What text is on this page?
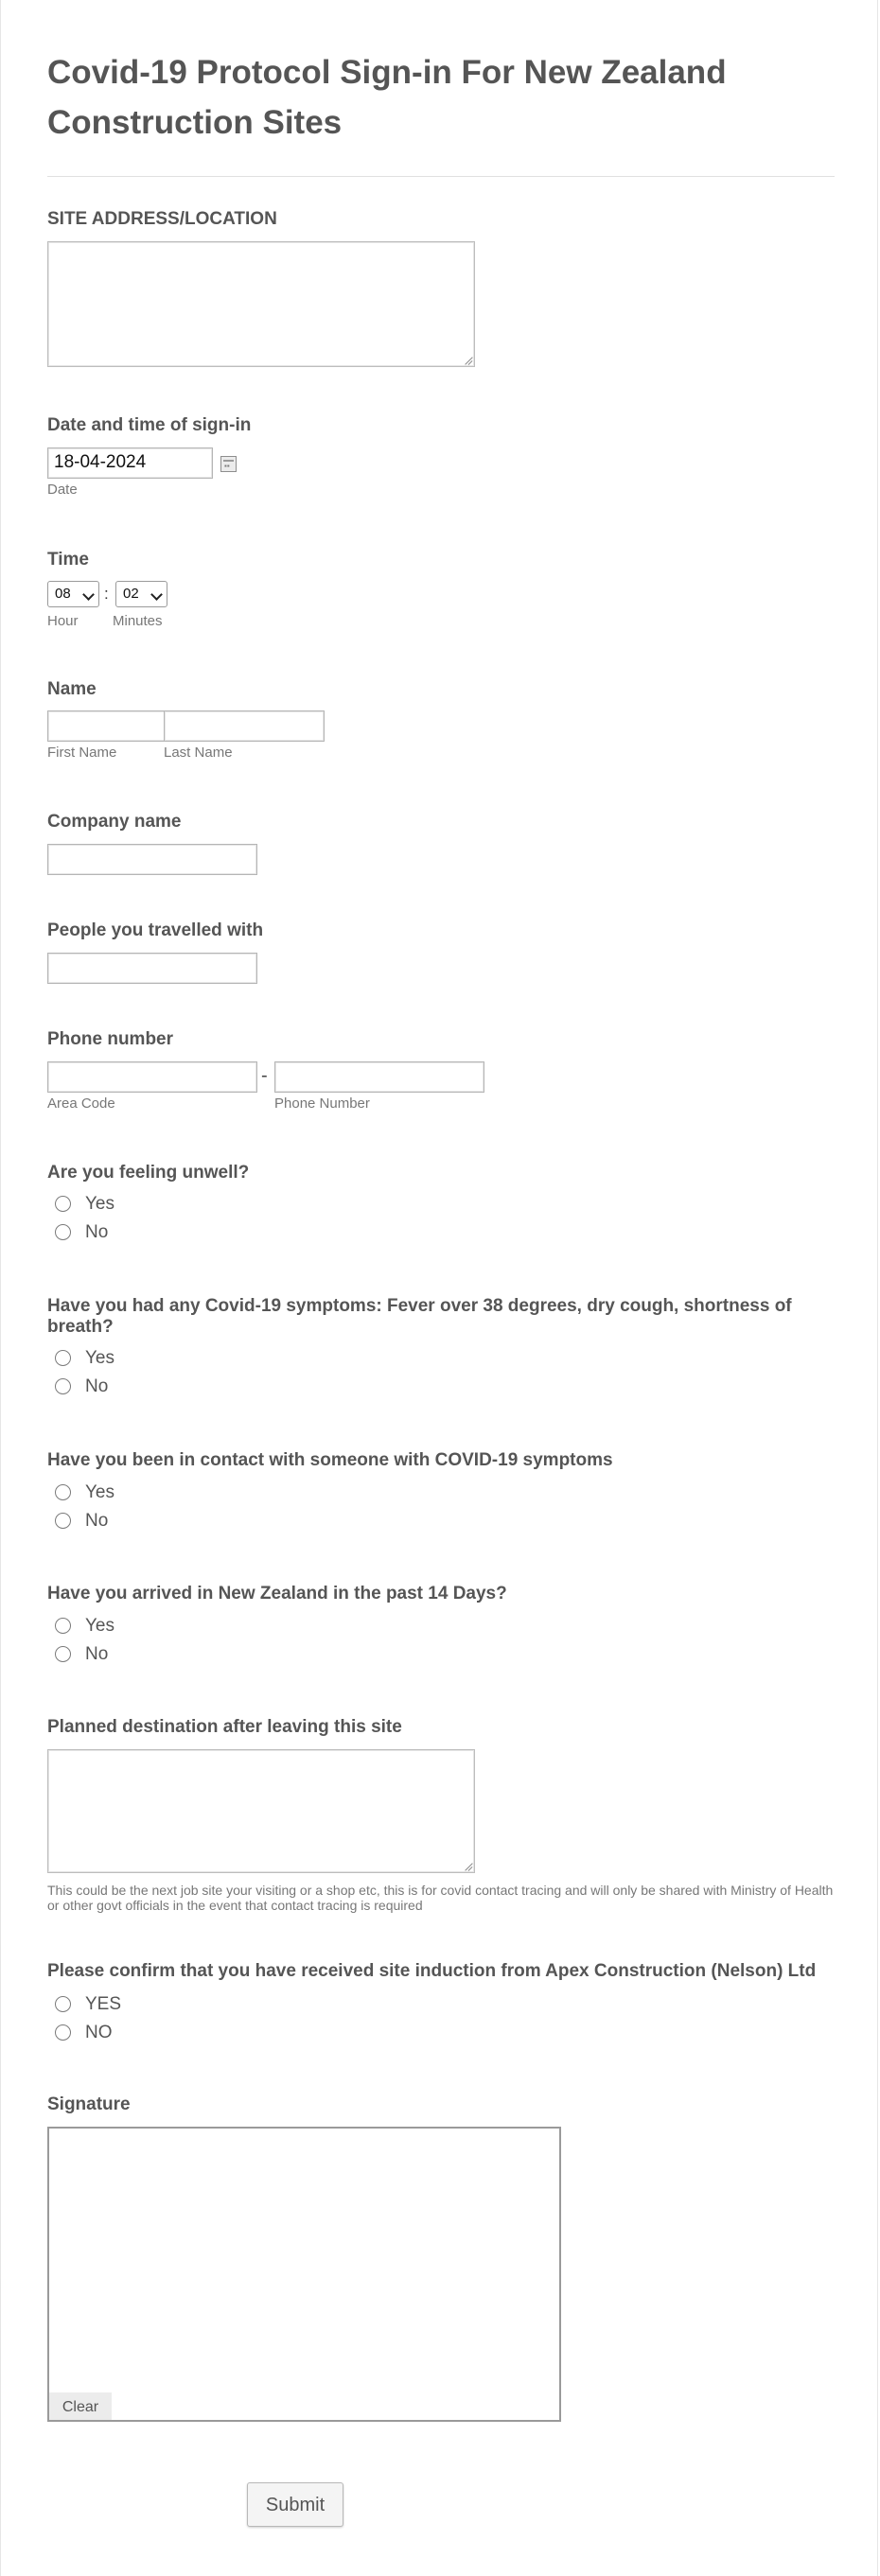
Covid-19 Protocol Sign-in For New Zealand Construction Sites
SITE ADDRESS/LOCATION
Date and time of sign-in
18-04-2024	▪▪
Date
Time
08	:	02
Hour Minutes
Name
First Name	Last Name
Company name
People you travelled with
Phone number
-
Area Code	Phone Number
Are you feeling unwell?
Yes
No
Have you had any Covid-19 symptoms: Fever over 38 degrees, dry cough, shortness of breath?
Yes
No
Have you been in contact with someone with COVID-19 symptoms
Yes
No
Have you arrived in New Zealand in the past 14 Days?
Yes
No
Planned destination after leaving this site
This could be the next job site your visiting or a shop etc, this is for covid contact tracing and will only be shared with Ministry of Health or other govt officials in the event that contact tracing is required
Please confirm that you have received site induction from Apex Construction (Nelson) Ltd
YES
NO
Signature
Clear
Submit
